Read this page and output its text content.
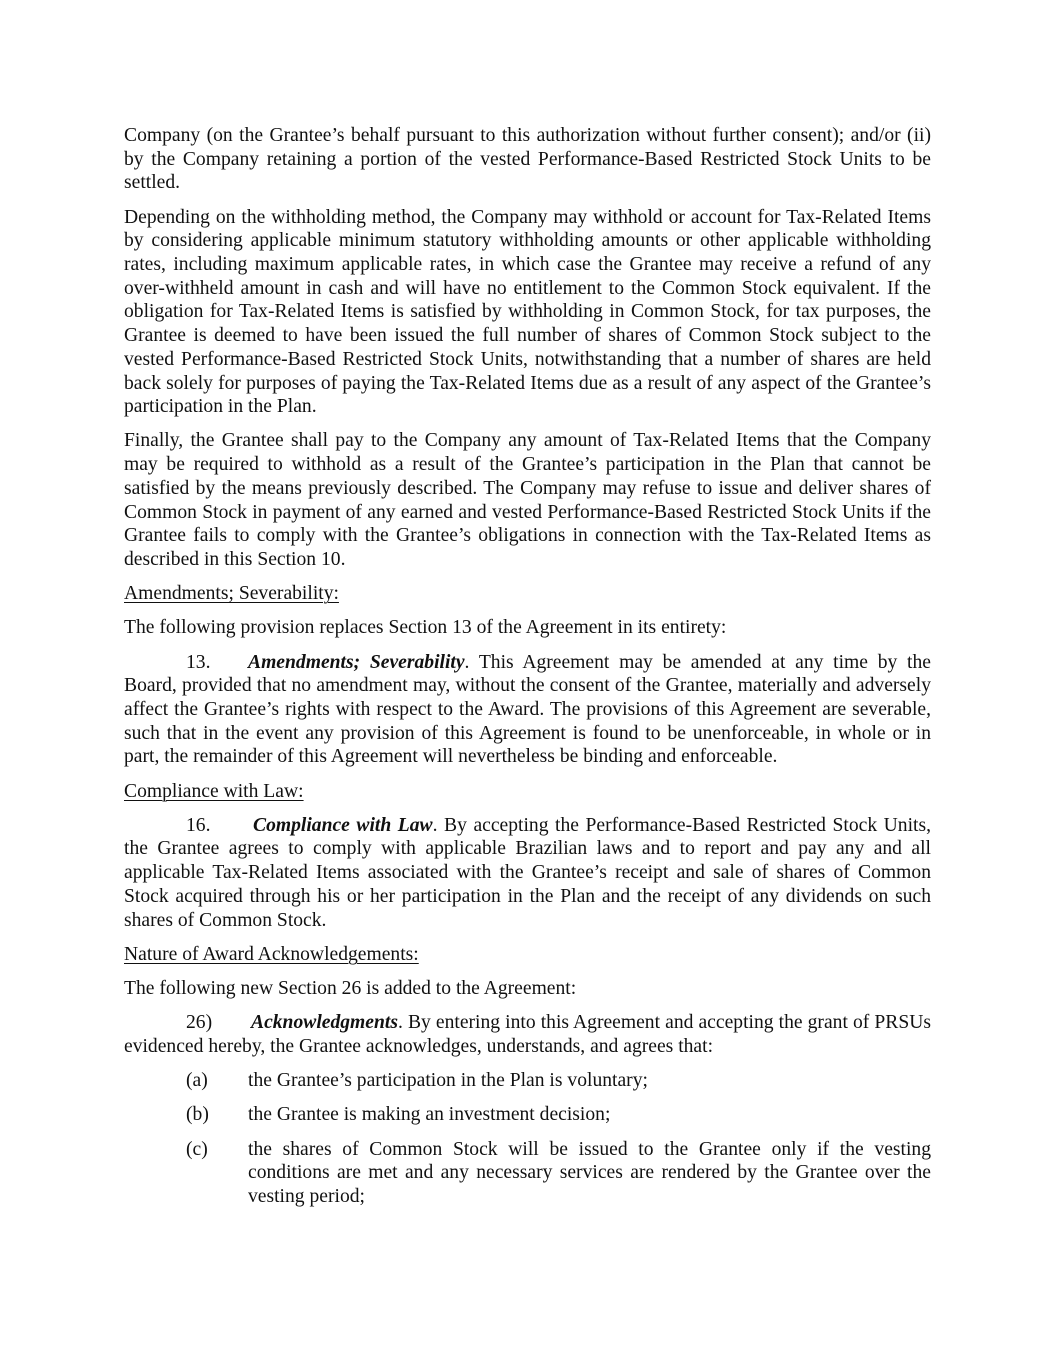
Company (on the Grantee’s behalf pursuant to this authorization without further consent); and/or (ii) by the Company retaining a portion of the vested Performance-Based Restricted Stock Units to be settled.

Depending on the withholding method, the Company may withhold or account for Tax-Related Items by considering applicable minimum statutory withholding amounts or other applicable withholding rates, including maximum applicable rates, in which case the Grantee may receive a refund of any over-withheld amount in cash and will have no entitlement to the Common Stock equivalent. If the obligation for Tax-Related Items is satisfied by withholding in Common Stock, for tax purposes, the Grantee is deemed to have been issued the full number of shares of Common Stock subject to the vested Performance-Based Restricted Stock Units, notwithstanding that a number of shares are held back solely for purposes of paying the Tax-Related Items due as a result of any aspect of the Grantee’s participation in the Plan.

Finally, the Grantee shall pay to the Company any amount of Tax-Related Items that the Company may be required to withhold as a result of the Grantee’s participation in the Plan that cannot be satisfied by the means previously described. The Company may refuse to issue and deliver shares of Common Stock in payment of any earned and vested Performance-Based Restricted Stock Units if the Grantee fails to comply with the Grantee’s obligations in connection with the Tax-Related Items as described in this Section 10.

Amendments; Severability:

The following provision replaces Section 13 of the Agreement in its entirety:

13. Amendments; Severability. This Agreement may be amended at any time by the Board, provided that no amendment may, without the consent of the Grantee, materially and adversely affect the Grantee’s rights with respect to the Award. The provisions of this Agreement are severable, such that in the event any provision of this Agreement is found to be unenforceable, in whole or in part, the remainder of this Agreement will nevertheless be binding and enforceable.

Compliance with Law:

16. Compliance with Law. By accepting the Performance-Based Restricted Stock Units, the Grantee agrees to comply with applicable Brazilian laws and to report and pay any and all applicable Tax-Related Items associated with the Grantee’s receipt and sale of shares of Common Stock acquired through his or her participation in the Plan and the receipt of any dividends on such shares of Common Stock.

Nature of Award Acknowledgements:

The following new Section 26 is added to the Agreement:

26) Acknowledgments. By entering into this Agreement and accepting the grant of PRSUs evidenced hereby, the Grantee acknowledges, understands, and agrees that:

(a)	the Grantee’s participation in the Plan is voluntary;
(b)	the Grantee is making an investment decision;
(c)	the shares of Common Stock will be issued to the Grantee only if the vesting conditions are met and any necessary services are rendered by the Grantee over the vesting period;
